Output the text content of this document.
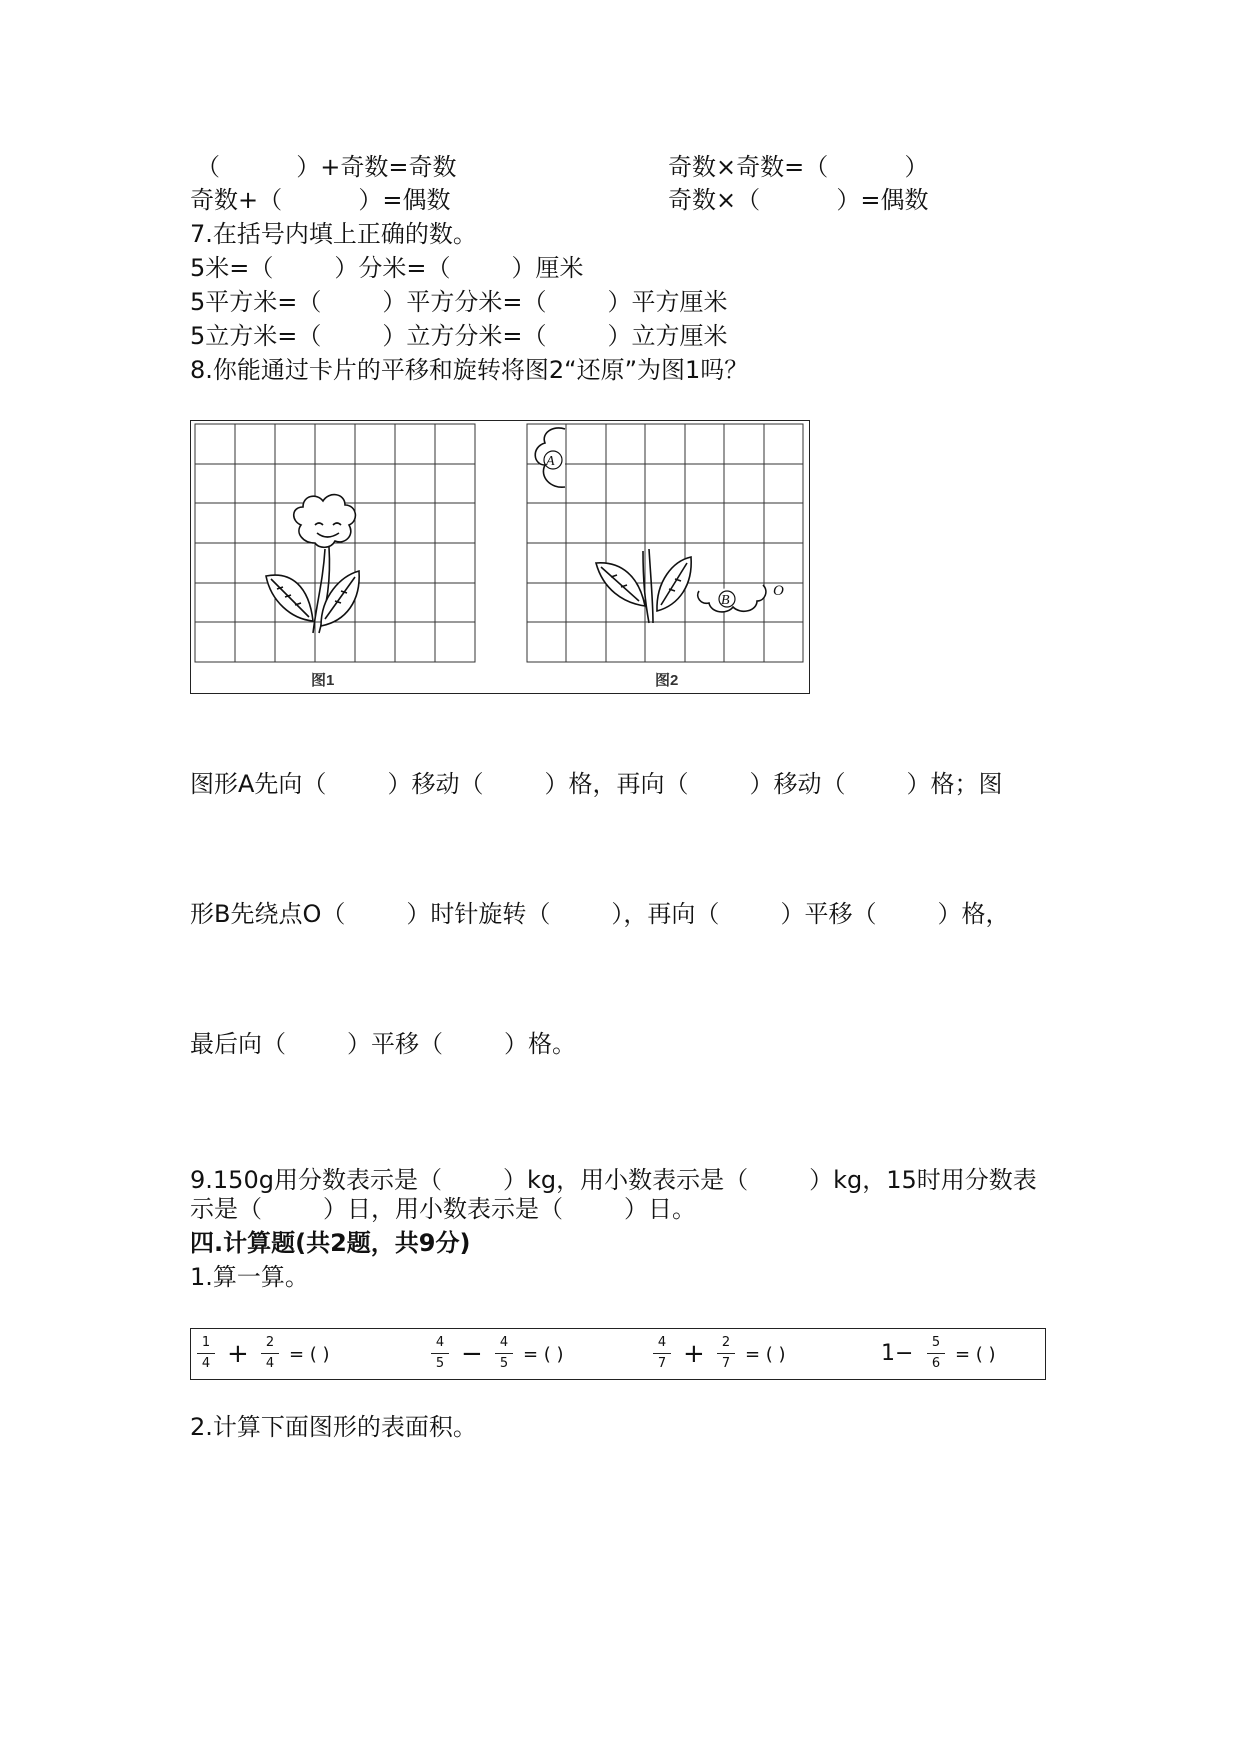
（          ）+奇数=奇数	奇数×奇数=（          ）
奇数+（          ）=偶数	奇数×（          ）=偶数
7.在括号内填上正确的数。
5米=（        ）分米=（        ）厘米
5平方米=（        ）平方分米=（        ）平方厘米
5立方米=（        ）立方分米=（        ）立方厘米
8.你能通过卡片的平移和旋转将图2“还原”为图1吗？
A
B
O
图1	图2
图形A先向（        ）移动（        ）格，再向（        ）移动（        ）格；图
形B先绕点O（        ）时针旋转（        ），再向（        ）平移（        ）格，
最后向（        ）平移（        ）格。
9.150g用分数表示是（        ）kg，用小数表示是（        ）kg，15时用分数表
示是（        ）日，用小数表示是（        ）日。
四.计算题(共2题，共9分)
1.算一算。
$\frac{1}{4} + \frac{2}{4}$ = ( )	$\frac{4}{5} - \frac{4}{5}$ = ( )	$\frac{4}{7} + \frac{2}{7}$ = ( )	$1- \frac{5}{6}$ = ( )
2.计算下面图形的表面积。
